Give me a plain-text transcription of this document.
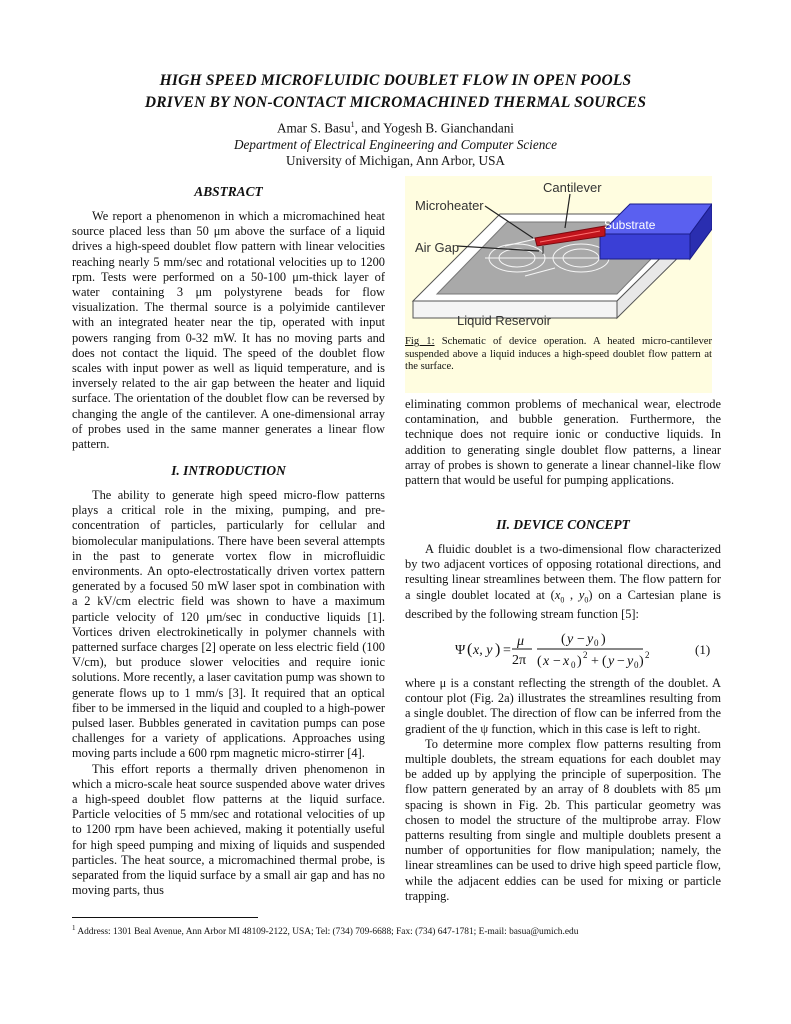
HIGH SPEED MICROFLUIDIC DOUBLET FLOW IN OPEN POOLS
DRIVEN BY NON-CONTACT MICROMACHINED THERMAL SOURCES
Amar S. Basu$^1$, and Yogesh B. Gianchandani
Department of Electrical Engineering and Computer Science
University of Michigan, Ann Arbor, USA
ABSTRACT

We report a phenomenon in which a micromachined heat source placed less than 50 μm above the surface of a liquid drives a high-speed doublet flow pattern with linear velocities reaching nearly 5 mm/sec and rotational velocities up to 1200 rpm. Tests were performed on a 50-100 μm-thick layer of water containing 3 μm polystyrene beads for flow visualization. The thermal source is a polyimide cantilever with an integrated heater near the tip, operated with input powers ranging from 0-32 mW. It has no moving parts and does not contact the liquid. The speed of the doublet flow scales with input power as well as liquid temperature, and is inversely related to the air gap between the heater and liquid surface. The orientation of the doublet flow can be reversed by changing the angle of the cantilever. A one-dimensional array of probes used in the same manner generates a linear flow pattern.

I. INTRODUCTION

The ability to generate high speed micro-flow patterns plays a critical role in the mixing, pumping, and pre-concentration of particles, particularly for cellular and biomolecular manipulations. There have been several attempts in the past to generate vortex flow in microfluidic environments. An opto-electrostatically driven vortex pattern generated by a focused 50 mW laser spot in combination with a 2 kV/cm electric field was shown to have a maximum particle velocity of 120 μm/sec in conductive liquids [1]. Vortices driven electrokinetically in polymer channels with patterned surface charges [2] operate on less electric field (100 V/cm), but produce slower velocities and require ionic solutions. More recently, a laser cavitation pump was shown to generate flows up to 1 mm/s [3]. It required that an optical fiber to be immersed in the liquid and coupled to a high-power pulsed laser. Bubbles generated in cavitation pumps can pose challenges for a variety of applications. Approaches using moving parts include a 600 rpm magnetic micro-stirrer [4].

This effort reports a thermally driven phenomenon in which a micro-scale heat source suspended above water drives a high-speed doublet flow patterns at the liquid surface. Particle velocities of 5 mm/sec and rotational velocities of up to 1200 rpm have been achieved, making it potentially useful for high speed pumping and mixing of liquids and suspended particles. The heat source, a micromachined thermal probe, is separated from the liquid surface by a small air gap and has no moving parts, thus

Cantilever
Microheater
Substrate
Air Gap
Liquid Reservoir
Fig 1: Schematic of device operation. A heated micro-cantilever suspended above a liquid induces a high-speed doublet flow pattern at the surface.

eliminating common problems of mechanical wear, electrode contamination, and bubble generation. Furthermore, the technique does not require ionic or conductive liquids. In addition to generating single doublet flow patterns, a linear array of probes is shown to generate a linear channel-like flow pattern that would be useful for pumping applications.

II. DEVICE CONCEPT

A fluidic doublet is a two-dimensional flow characterized by two adjacent vortices of opposing rotational directions, and resulting linear streamlines between them. The flow pattern for a single doublet located at ($x_0$ , $y_0$) on a Cartesian plane is described by the following stream function [5]:

Ψ ( x, y ) =
μ
2π
( y − y 0 )
( x − x 0 ) 2 + ( y − y 0 ) 2	(1)

where μ is a constant reflecting the strength of the doublet. A contour plot (Fig. 2a) illustrates the streamlines resulting from a single doublet. The direction of flow can be inferred from the gradient of the ψ function, which in this case is left to right.

To determine more complex flow patterns resulting from multiple doublets, the stream equations for each doublet may be added up by applying the principle of superposition. The flow pattern generated by an array of 8 doublets with 85 μm spacing is shown in Fig. 2b. This particular geometry was chosen to model the structure of the multiprobe array. Flow patterns resulting from single and multiple doublets present a number of opportunities for flow manipulation; namely, the linear streamlines can be used to drive high speed particle flow, while the adjacent eddies can be used for mixing or particle trapping.

$^1$ Address: 1301 Beal Avenue, Ann Arbor MI 48109-2122, USA; Tel: (734) 709-6688; Fax: (734) 647-1781; E-mail: basua@umich.edu
